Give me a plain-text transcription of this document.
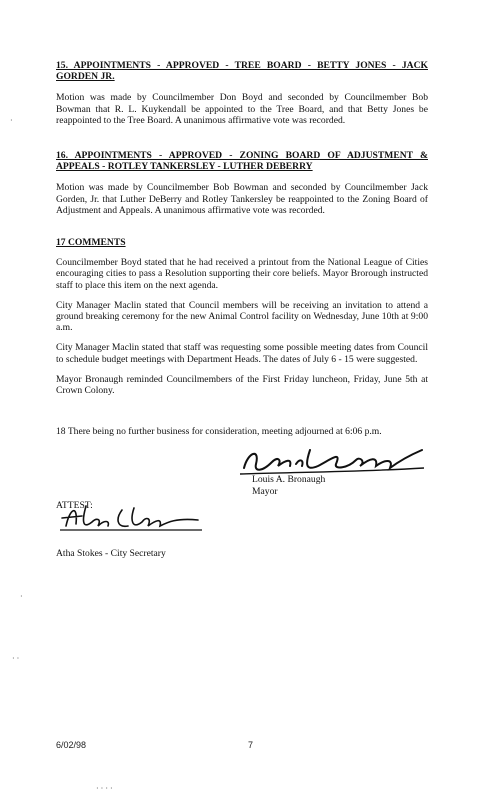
15. APPOINTMENTS - APPROVED - TREE BOARD - BETTY JONES - JACK GORDEN JR.
Motion was made by Councilmember Don Boyd and seconded by Councilmember Bob Bowman that R. L. Kuykendall be appointed to the Tree Board, and that Betty Jones be reappointed to the Tree Board. A unanimous affirmative vote was recorded.
16. APPOINTMENTS - APPROVED - ZONING BOARD OF ADJUSTMENT & APPEALS - ROTLEY TANKERSLEY - LUTHER DEBERRY
Motion was made by Councilmember Bob Bowman and seconded by Councilmember Jack Gorden, Jr. that Luther DeBerry and Rotley Tankersley be reappointed to the Zoning Board of Adjustment and Appeals. A unanimous affirmative vote was recorded.
17 COMMENTS
Councilmember Boyd stated that he had received a printout from the National League of Cities encouraging cities to pass a Resolution supporting their core beliefs. Mayor Brorough instructed staff to place this item on the next agenda.
City Manager Maclin stated that Council members will be receiving an invitation to attend a ground breaking ceremony for the new Animal Control facility on Wednesday, June 10th at 9:00 a.m.
City Manager Maclin stated that staff was requesting some possible meeting dates from Council to schedule budget meetings with Department Heads. The dates of July 6 - 15 were suggested.
Mayor Bronaugh reminded Councilmembers of the First Friday luncheon, Friday, June 5th at Crown Colony.
18 There being no further business for consideration, meeting adjourned at 6:06 p.m.
Louis A. Bronaugh
Mayor
ATTEST:
Atha Stokes - City Secretary
·
·
· ·
· · · ·
6/02/98	7
